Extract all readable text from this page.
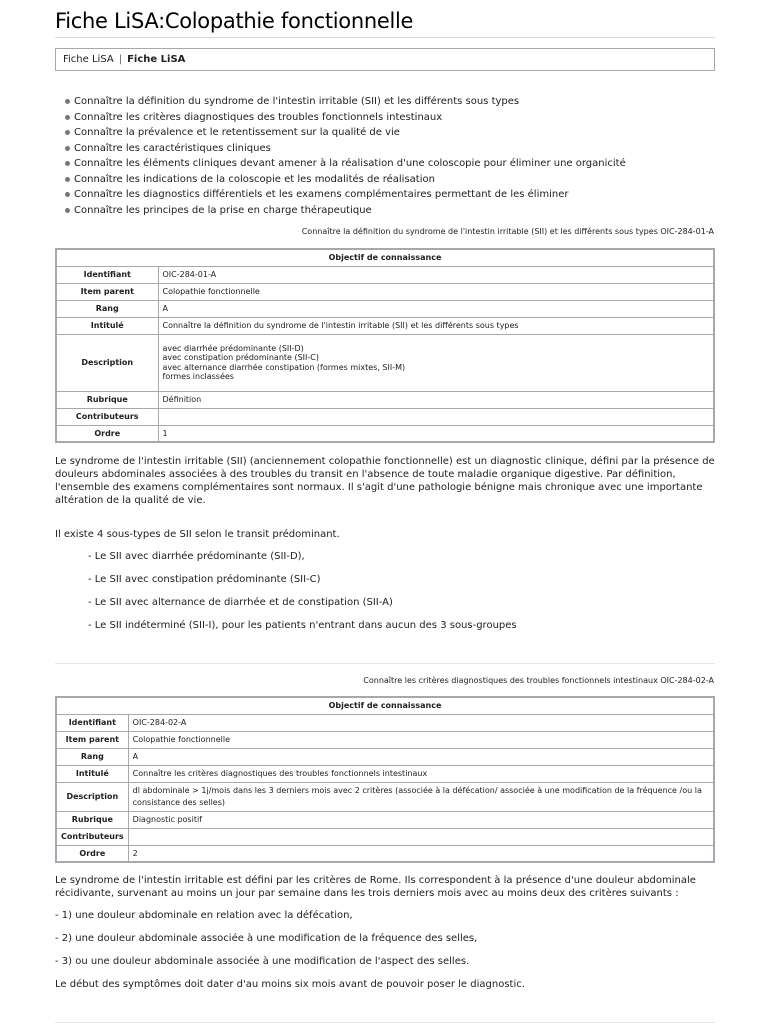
Fiche LiSA:Colopathie fonctionnelle
Fiche LiSA | Fiche LiSA
Connaître la définition du syndrome de l'intestin irritable (SII) et les différents sous types
Connaître les critères diagnostiques des troubles fonctionnels intestinaux
Connaître la prévalence et le retentissement sur la qualité de vie
Connaître les caractéristiques cliniques
Connaître les éléments cliniques devant amener à la réalisation d'une coloscopie pour éliminer une organicité
Connaître les indications de la coloscopie et les modalités de réalisation
Connaître les diagnostics différentiels et les examens complémentaires permettant de les éliminer
Connaître les principes de la prise en charge thérapeutique
Connaître la définition du syndrome de l'intestin irritable (SII) et les différents sous types OIC-284-01-A
Objectif de connaissance	
Identifiant	OIC-284-01-A
Item parent	Colopathie fonctionnelle
Rang	A
Intitulé	Connaître la définition du syndrome de l'intestin irritable (SII) et les différents sous types
Description	avec diarrhée prédominante (SII-D)
avec constipation prédominante (SII-C)
avec alternance diarrhée constipation (formes mixtes, SII-M)
formes inclassées
Rubrique	Définition
Contributeurs	
Ordre	1

Le syndrome de l'intestin irritable (SII) (anciennement colopathie fonctionnelle) est un diagnostic clinique, défini par la présence de douleurs abdominales associées à des troubles du transit en l'absence de toute maladie organique digestive. Par définition, l'ensemble des examens complémentaires sont normaux. Il s'agit d'une pathologie bénigne mais chronique avec une importante altération de la qualité de vie.

Il existe 4 sous-types de SII selon le transit prédominant.
- Le SII avec diarrhée prédominante (SII-D),
- Le SII avec constipation prédominante (SII-C)
- Le SII avec alternance de diarrhée et de constipation (SII-A)
- Le SII indéterminé (SII-I), pour les patients n'entrant dans aucun des 3 sous-groupes
Connaître les critères diagnostiques des troubles fonctionnels intestinaux OIC-284-02-A
Objectif de connaissance	
Identifiant	OIC-284-02-A
Item parent	Colopathie fonctionnelle
Rang	A
Intitulé	Connaître les critères diagnostiques des troubles fonctionnels intestinaux
Description	dl abdominale > 1j/mois dans les 3 derniers mois avec 2 critères (associée à la défécation/ associée à une modification de la fréquence /ou la consistance des selles)
Rubrique	Diagnostic positif
Contributeurs	
Ordre	2

Le syndrome de l'intestin irritable est défini par les critères de Rome. Ils correspondent à la présence d'une douleur abdominale récidivante, survenant au moins un jour par semaine dans les trois derniers mois avec au moins deux des critères suivants :

- 1) une douleur abdominale en relation avec la défécation,
- 2) une douleur abdominale associée à une modification de la fréquence des selles,
- 3) ou une douleur abdominale associée à une modification de l'aspect des selles.
Le début des symptômes doit dater d'au moins six mois avant de pouvoir poser le diagnostic.
